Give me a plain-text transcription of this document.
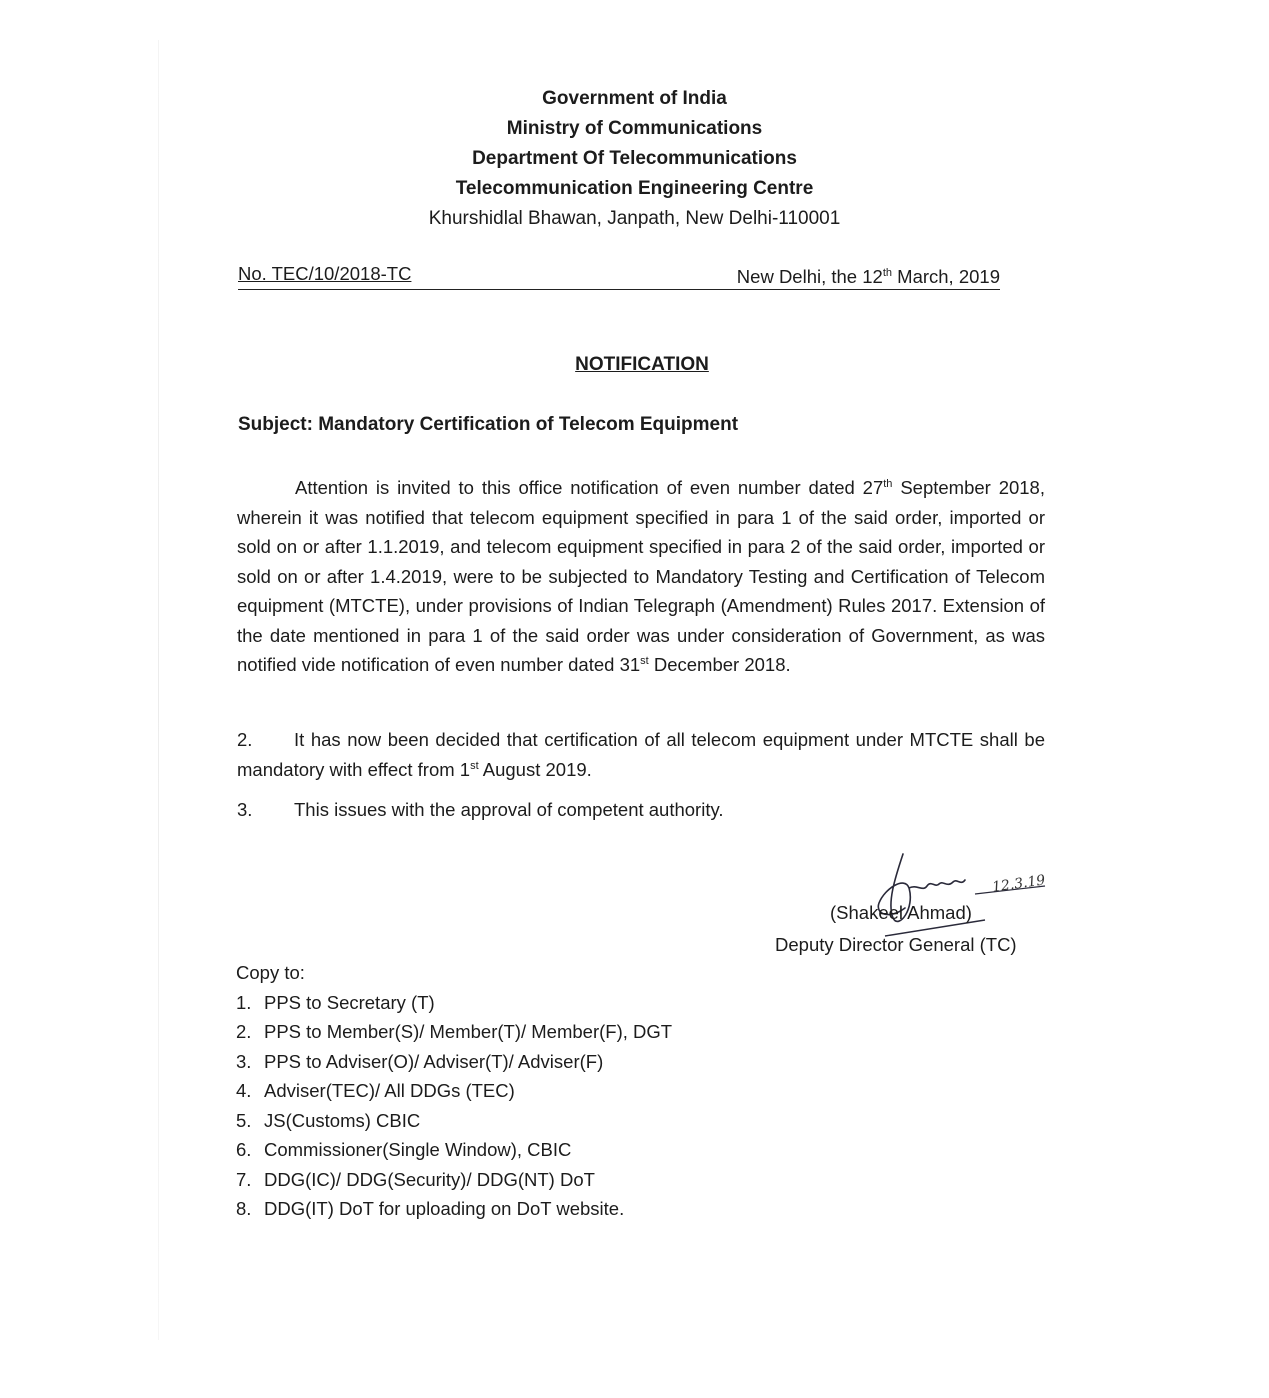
Government of India
Ministry of Communications
Department Of Telecommunications
Telecommunication Engineering Centre
Khurshidlal Bhawan, Janpath, New Delhi-110001
No. TEC/10/2018-TC	New Delhi, the 12th March, 2019
NOTIFICATION
Subject: Mandatory Certification of Telecom Equipment

Attention is invited to this office notification of even number dated 27th September 2018, wherein it was notified that telecom equipment specified in para 1 of the said order, imported or sold on or after 1.1.2019, and telecom equipment specified in para 2 of the said order, imported or sold on or after 1.4.2019, were to be subjected to Mandatory Testing and Certification of Telecom equipment (MTCTE), under provisions of Indian Telegraph (Amendment) Rules 2017. Extension of the date mentioned in para 1 of the said order was under consideration of Government, as was notified vide notification of even number dated 31st December 2018.

2. It has now been decided that certification of all telecom equipment under MTCTE shall be mandatory with effect from 1st August 2019.
3. This issues with the approval of competent authority.
12.3.19
(Shakeel Ahmad)
Deputy Director General (TC)
Copy to:
1. PPS to Secretary (T)
2. PPS to Member(S)/ Member(T)/ Member(F), DGT
3. PPS to Adviser(O)/ Adviser(T)/ Adviser(F)
4. Adviser(TEC)/ All DDGs (TEC)
5. JS(Customs) CBIC
6. Commissioner(Single Window), CBIC
7. DDG(IC)/ DDG(Security)/ DDG(NT) DoT
8. DDG(IT) DoT for uploading on DoT website.
